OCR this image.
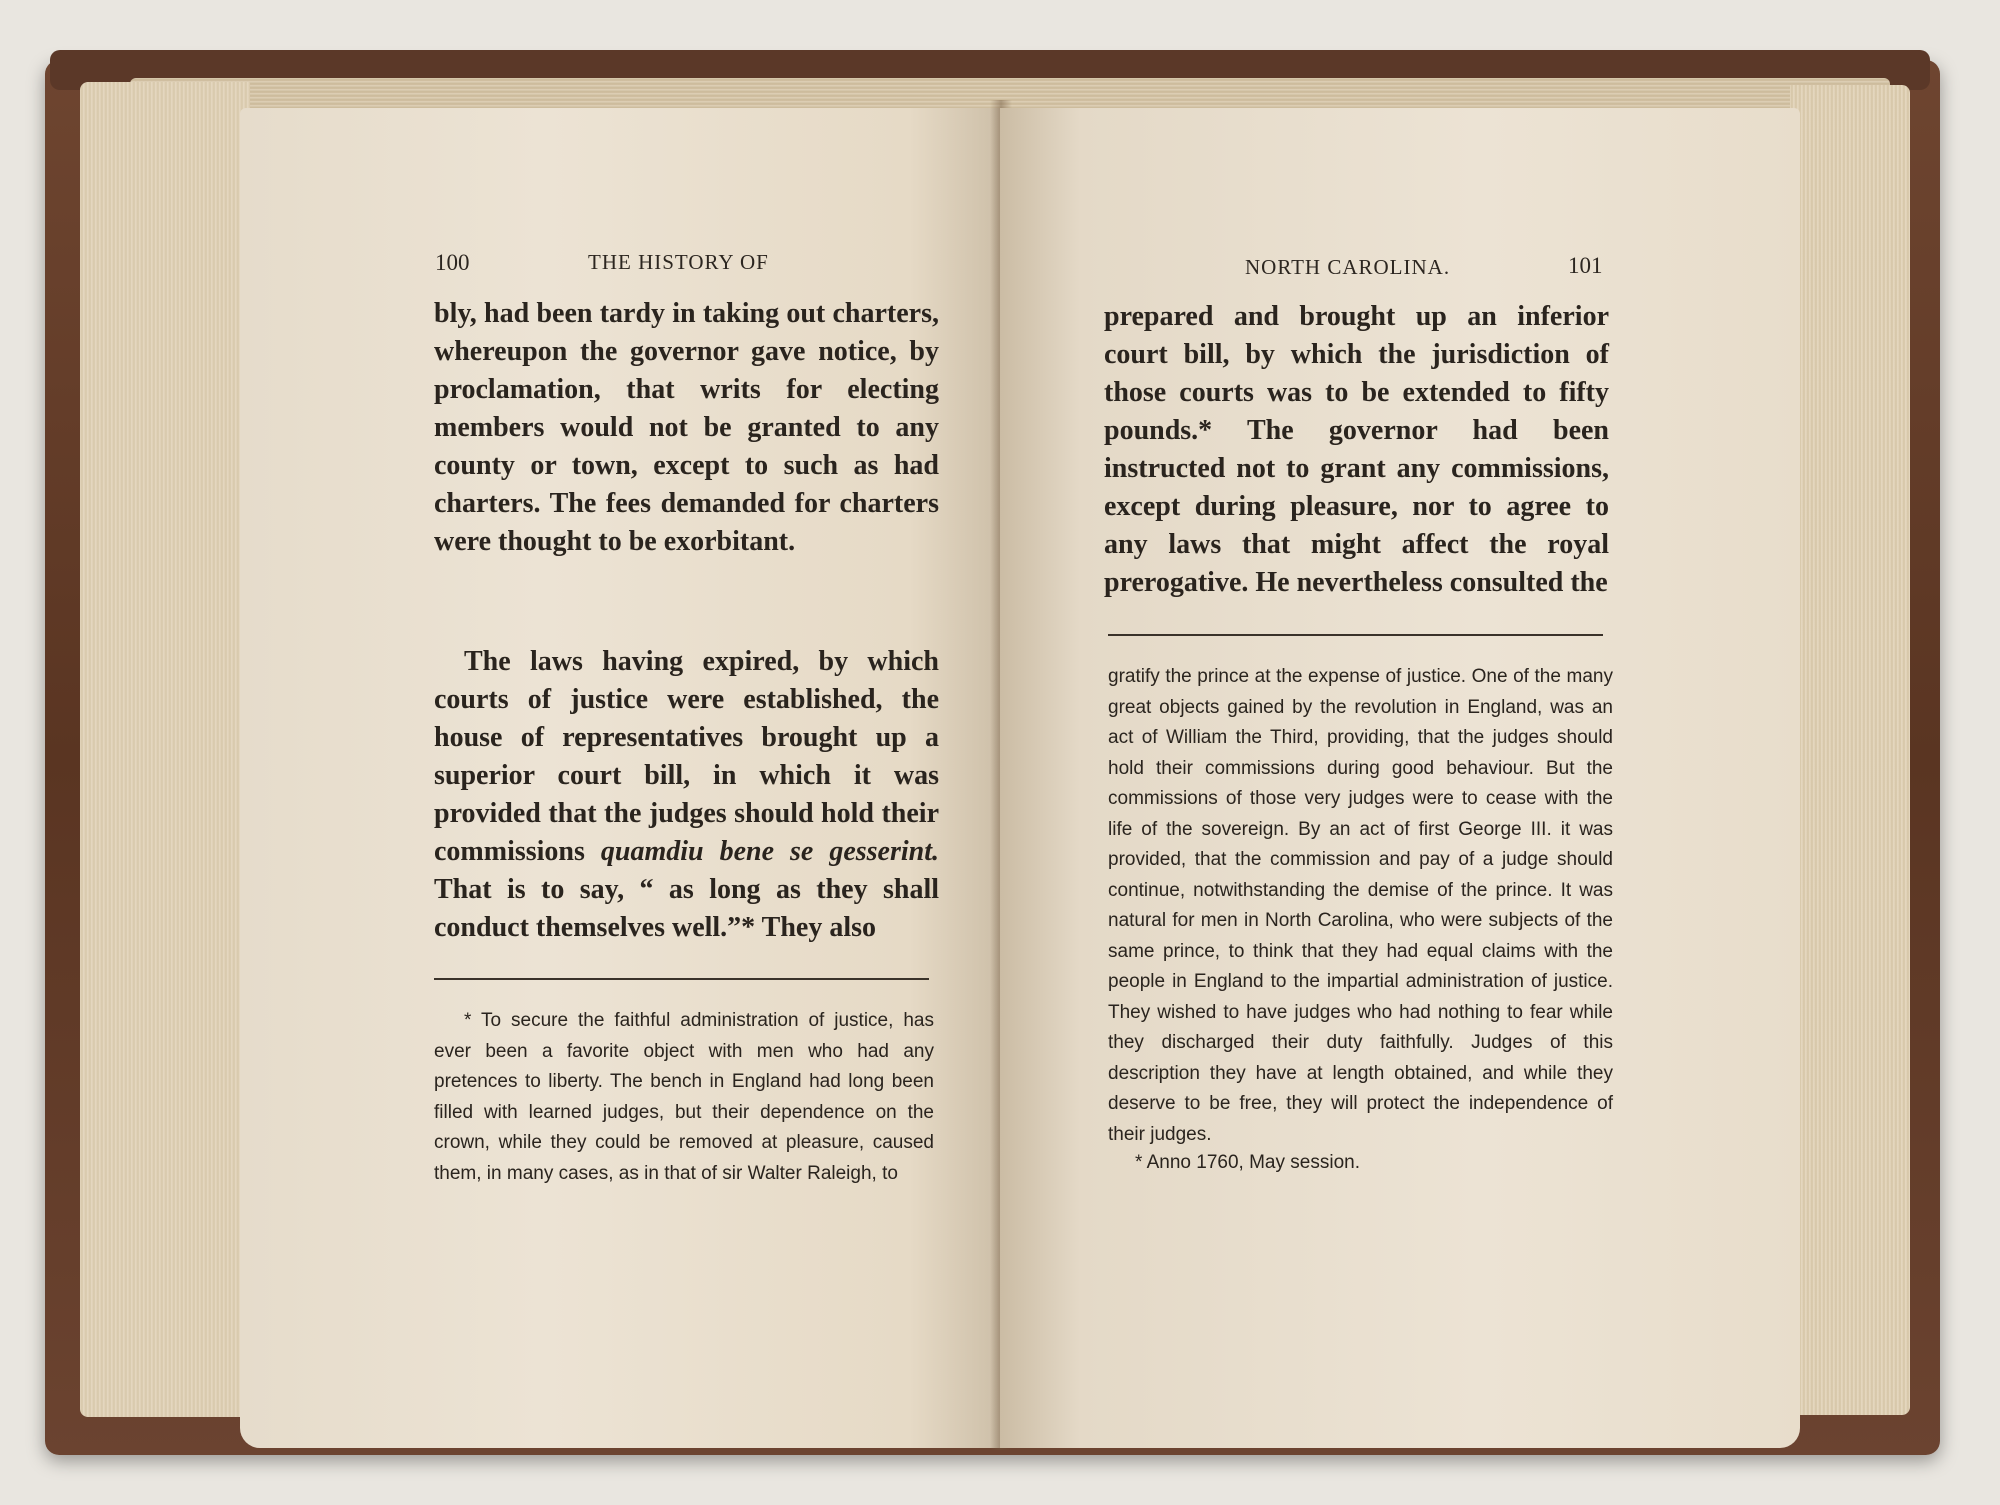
100	THE HISTORY OF

bly, had been tardy in taking out charters, whereupon the governor gave notice, by proclamation, that writs for electing members would not be granted to any county or town, except to such as had charters. The fees demanded for charters were thought to be exorbitant.

The laws having expired, by which courts of justice were established, the house of representatives brought up a superior court bill, in which it was provided that the judges should hold their commissions quamdiu bene se gesserint. That is to say, “ as long as they shall conduct themselves well.”* They also

* To secure the faithful administration of justice, has ever been a favorite object with men who had any pretences to liberty. The bench in England had long been filled with learned judges, but their dependence on the crown, while they could be removed at pleasure, caused them, in many cases, as in that of sir Walter Raleigh, to

NORTH CAROLINA.	101

prepared and brought up an inferior court bill, by which the jurisdiction of those courts was to be extended to fifty pounds.* The governor had been instructed not to grant any commissions, except during pleasure, nor to agree to any laws that might affect the royal prerogative. He nevertheless consulted the

gratify the prince at the expense of justice. One of the many great objects gained by the revolution in England, was an act of William the Third, providing, that the judges should hold their commissions during good behaviour. But the commissions of those very judges were to cease with the life of the sovereign. By an act of first George III. it was provided, that the commission and pay of a judge should continue, notwithstanding the demise of the prince. It was natural for men in North Carolina, who were subjects of the same prince, to think that they had equal claims with the people in England to the impartial administration of justice. They wished to have judges who had nothing to fear while they discharged their duty faithfully. Judges of this description they have at length obtained, and while they deserve to be free, they will protect the independence of their judges.

* Anno 1760, May session.
